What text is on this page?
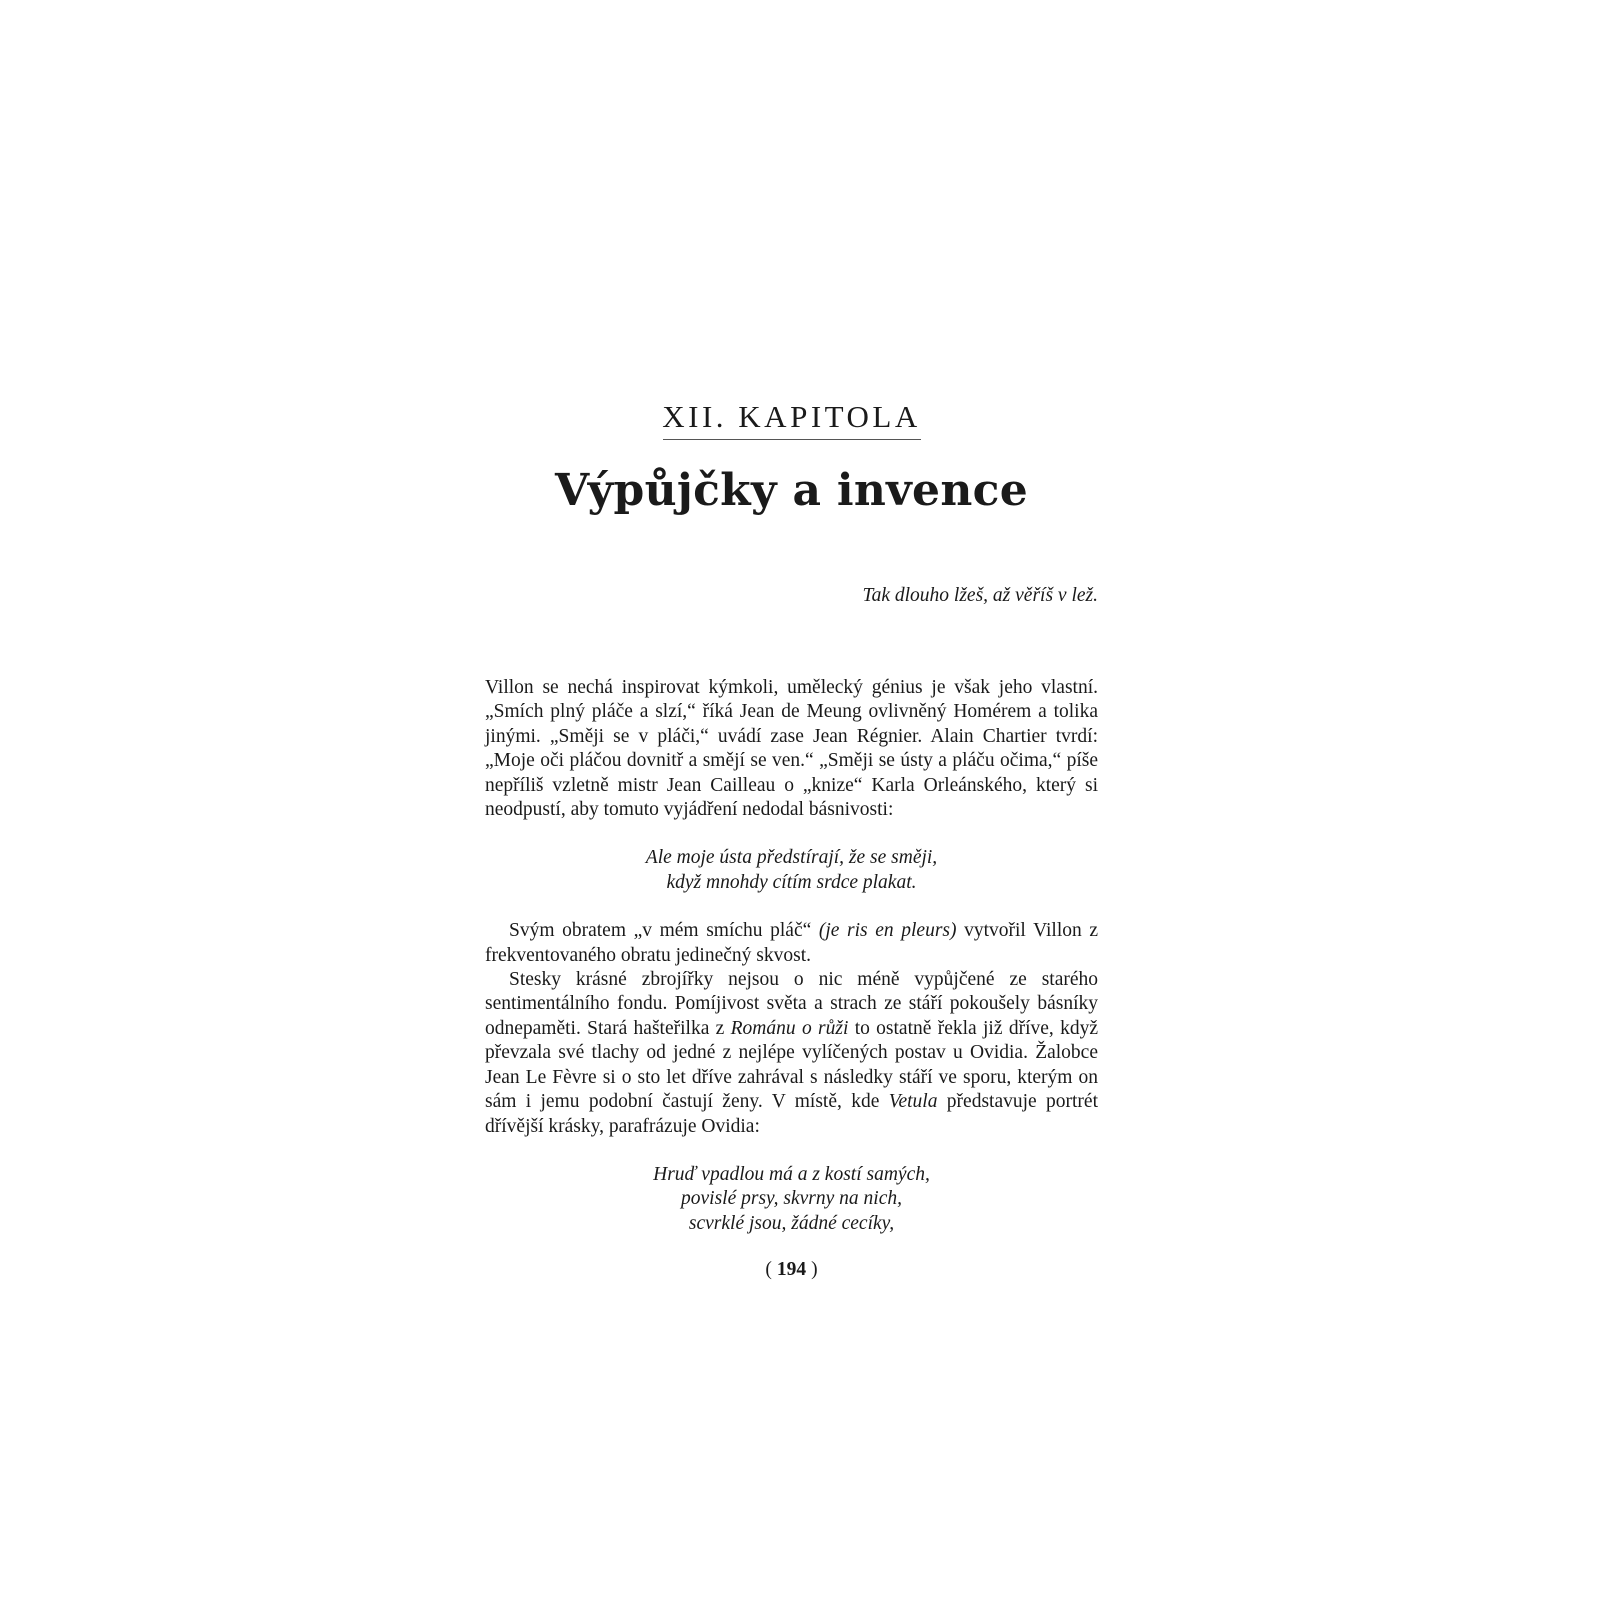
XII. KAPITOLA

Výpůjčky a invence

Tak dlouho lžeš, až věříš v lež.

Villon se nechá inspirovat kýmkoli, umělecký génius je však jeho vlastní. „Smích plný pláče a slzí,“ říká Jean de Meung ovlivněný Homérem a tolika jinými. „Směji se v pláči,“ uvádí zase Jean Régnier. Alain Chartier tvrdí: „Moje oči pláčou dovnitř a smějí se ven.“ „Směji se ústy a pláču očima,“ píše nepříliš vzletně mistr Jean Cailleau o „knize“ Karla Orleánského, který si neodpustí, aby tomuto vyjádření nedodal básnivosti:

Ale moje ústa předstírají, že se směji,

když mnohdy cítím srdce plakat.

Svým obratem „v mém smíchu pláč“ (je ris en pleurs) vytvořil Villon z frekventovaného obratu jedinečný skvost.

Stesky krásné zbrojířky nejsou o nic méně vypůjčené ze starého sentimentálního fondu. Pomíjivost světa a strach ze stáří pokoušely básníky odnepaměti. Stará hašteřilka z Románu o růži to ostatně řekla již dříve, když převzala své tlachy od jedné z nejlépe vylíčených postav u Ovidia. Žalobce Jean Le Fèvre si o sto let dříve zahrával s následky stáří ve sporu, kterým on sám i jemu podobní častují ženy. V místě, kde Vetula představuje portrét dřívější krásky, parafrázuje Ovidia:

Hruď vpadlou má a z kostí samých,

povislé prsy, skvrny na nich,

scvrklé jsou, žádné cecíky,

( 194 )
